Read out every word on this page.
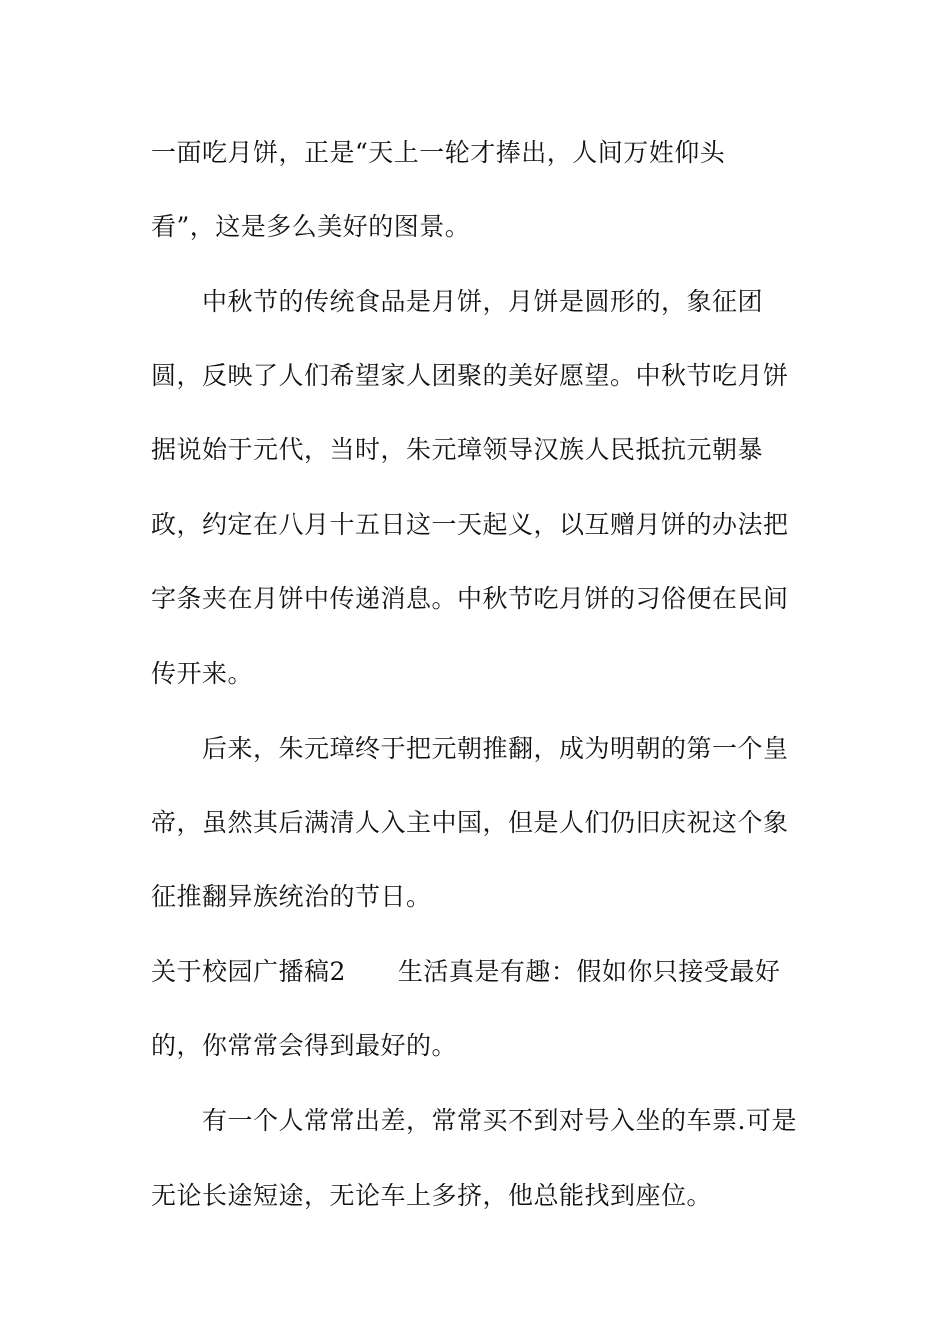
一面吃月饼，正是“天上一轮才捧出，人间万姓仰头
看”，这是多么美好的图景。
中秋节的传统食品是月饼，月饼是圆形的，象征团
圆，反映了人们希望家人团聚的美好愿望。中秋节吃月饼
据说始于元代，当时，朱元璋领导汉族人民抵抗元朝暴
政，约定在八月十五日这一天起义，以互赠月饼的办法把
字条夹在月饼中传递消息。中秋节吃月饼的习俗便在民间
传开来。
后来，朱元璋终于把元朝推翻，成为明朝的第一个皇
帝，虽然其后满清人入主中国，但是人们仍旧庆祝这个象
征推翻异族统治的节日。
关于校园广播稿2 生活真是有趣：假如你只接受最好
的，你常常会得到最好的。
有一个人常常出差，常常买不到对号入坐的车票.可是
无论长途短途，无论车上多挤，他总能找到座位。
